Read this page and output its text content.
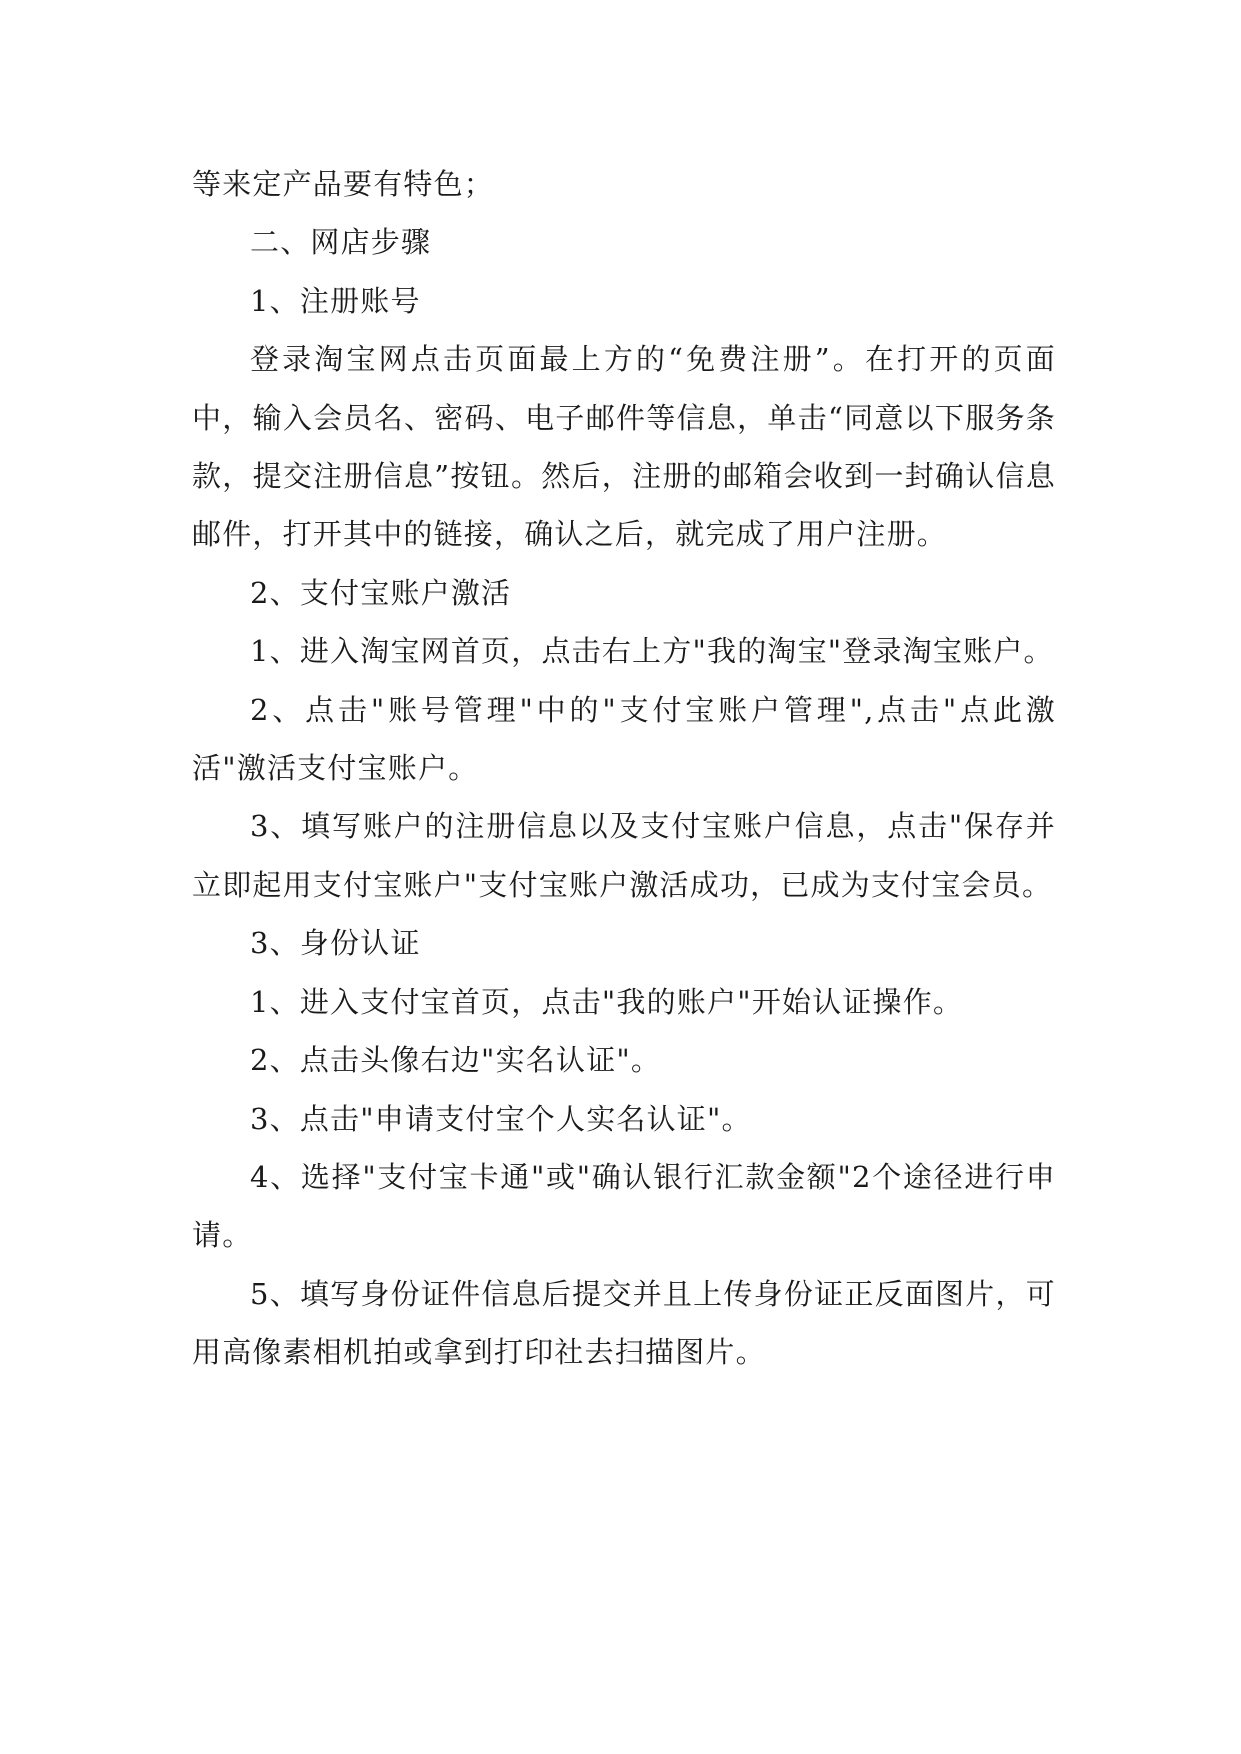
等来定产品要有特色；

二、网店步骤

1、注册账号

登录淘宝网点击页面最上方的“免费注册”。在打开的页面中，输入会员名、密码、电子邮件等信息，单击“同意以下服务条款，提交注册信息”按钮。然后，注册的邮箱会收到一封确认信息邮件，打开其中的链接，确认之后，就完成了用户注册。

2、支付宝账户激活

1、进入淘宝网首页，点击右上方"我的淘宝"登录淘宝账户。

2、点击"账号管理"中的"支付宝账户管理",点击"点此激活"激活支付宝账户。

3、填写账户的注册信息以及支付宝账户信息，点击"保存并立即起用支付宝账户"支付宝账户激活成功，已成为支付宝会员。

3、身份认证

1、进入支付宝首页，点击"我的账户"开始认证操作。

2、点击头像右边"实名认证"。

3、点击"申请支付宝个人实名认证"。

4、选择"支付宝卡通"或"确认银行汇款金额"2个途径进行申请。

5、填写身份证件信息后提交并且上传身份证正反面图片，可用高像素相机拍或拿到打印社去扫描图片。
